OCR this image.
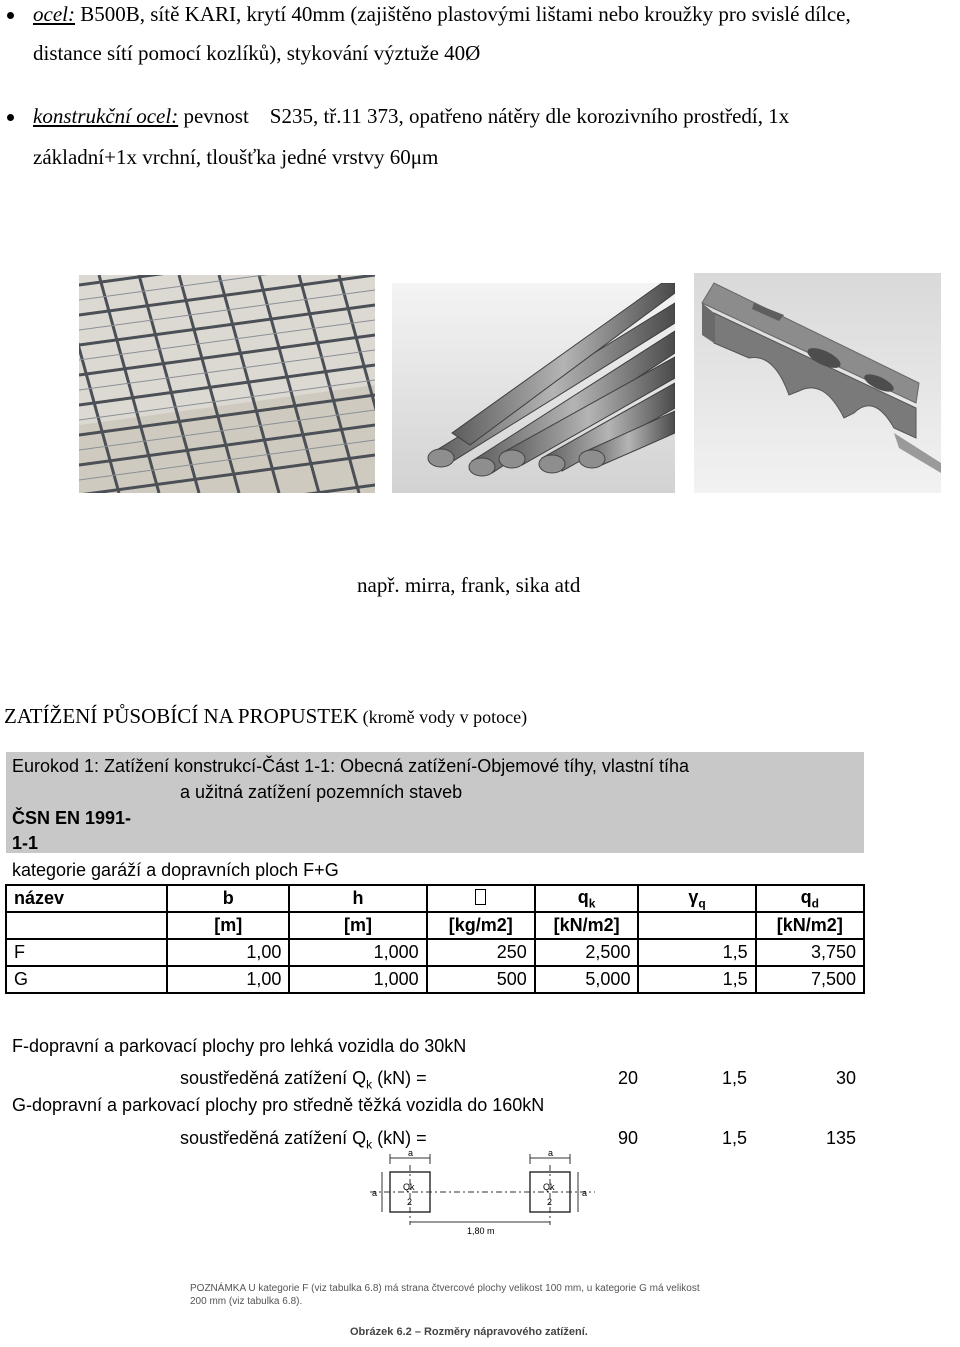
ocel: B500B, sítě KARI, krytí 40mm (zajištěno plastovými lištami nebo kroužky pro svislé dílce,
distance sítí pomocí kozlíků), stykování výztuže 40Ø
konstrukční ocel: pevnost    S235, tř.11 373, opatřeno nátěry dle korozivního prostředí, 1x
základní+1x vrchní, tloušťka jedné vrstvy 60μm
např. mirra, frank, sika atd
ZATÍŽENÍ PŮSOBÍCÍ NA PROPUSTEK (kromě vody v potoce)
Eurokod 1: Zatížení konstrukcí-Část 1-1: Obecná zatížení-Objemové tíhy, vlastní tíha
a užitná zatížení pozemních staveb
ČSN EN 1991-
1-1
kategorie garáží a dopravních ploch F+G
název	b	h		$q_k$	$\gamma_q$	$q_d$
	[m]	[m]	[kg/m2]	[kN/m2]		[kN/m2]
F	1,00	1,000	250	2,500	1,5	3,750
G	1,00	1,000	500	5,000	1,5	7,500
F-dopravní a parkovací plochy pro lehká vozidla do 30kN
soustředěná zatížení $Q_k$ (kN) =	20	1,5	30
G-dopravní a parkovací plochy pro středně těžká vozidla do 160kN
soustředěná zatížení $Q_k$ (kN) =	90	1,5	135
a	a
a	a
Qk
2
Qk
2
1,80 m
POZNÁMKA U kategorie F (viz tabulka 6.8) má strana čtvercové plochy velikost 100 mm, u kategorie G má velikost
200 mm (viz tabulka 6.8).
Obrázek 6.2 – Rozměry nápravového zatížení.
